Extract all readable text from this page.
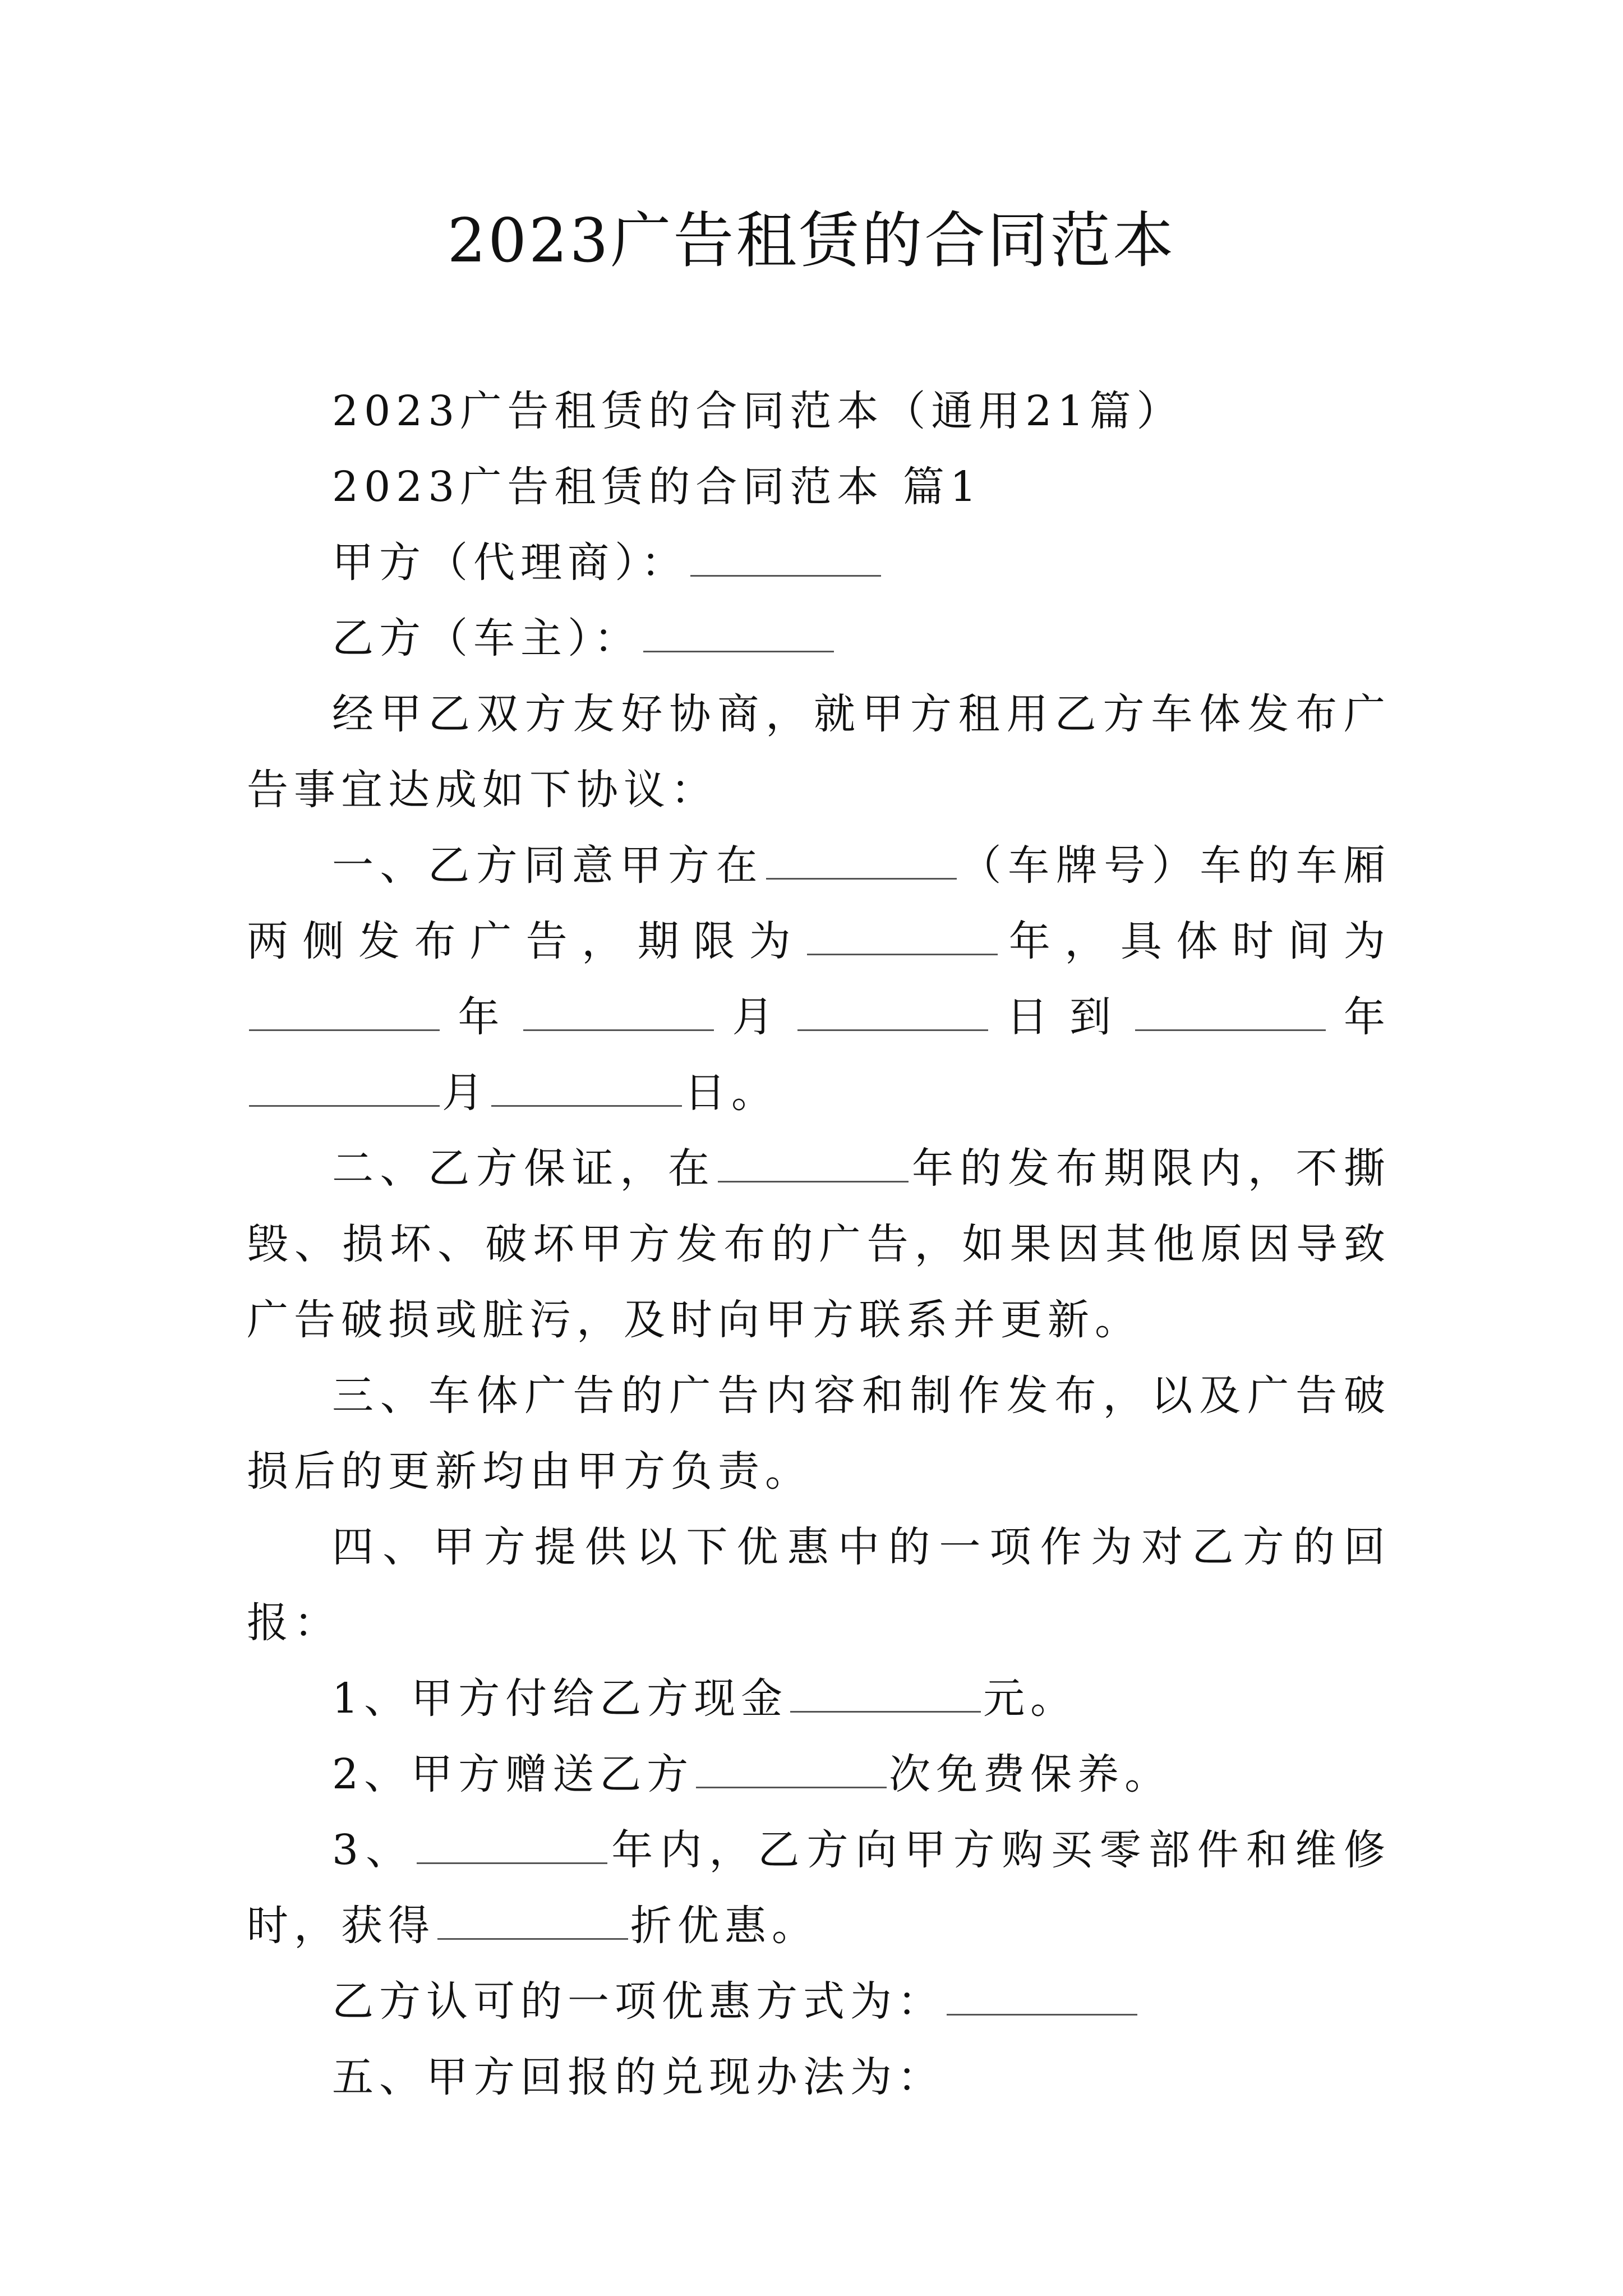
2023广告租赁的合同范本

2023广告租赁的合同范本（通用21篇）

2023广告租赁的合同范本 篇1

甲方（代理商）：

乙方（车主）：

经甲乙双方友好协商，就甲方租用乙方车体发布广告事宜达成如下协议：

一、乙方同意甲方在	（车牌号）车的车厢两侧发布广告，期限为	年，具体时间为年	月	日到	年月	日。

二、乙方保证，在	年的发布期限内，不撕毁、损坏、破坏甲方发布的广告，如果因其他原因导致广告破损或脏污，及时向甲方联系并更新。

三、车体广告的广告内容和制作发布，以及广告破损后的更新均由甲方负责。

四、甲方提供以下优惠中的一项作为对乙方的回报：

1、甲方付给乙方现金	元。

2、甲方赠送乙方	次免费保养。

3、	年内，乙方向甲方购买零部件和维修时，获得	折优惠。

乙方认可的一项优惠方式为：

五、甲方回报的兑现办法为：
